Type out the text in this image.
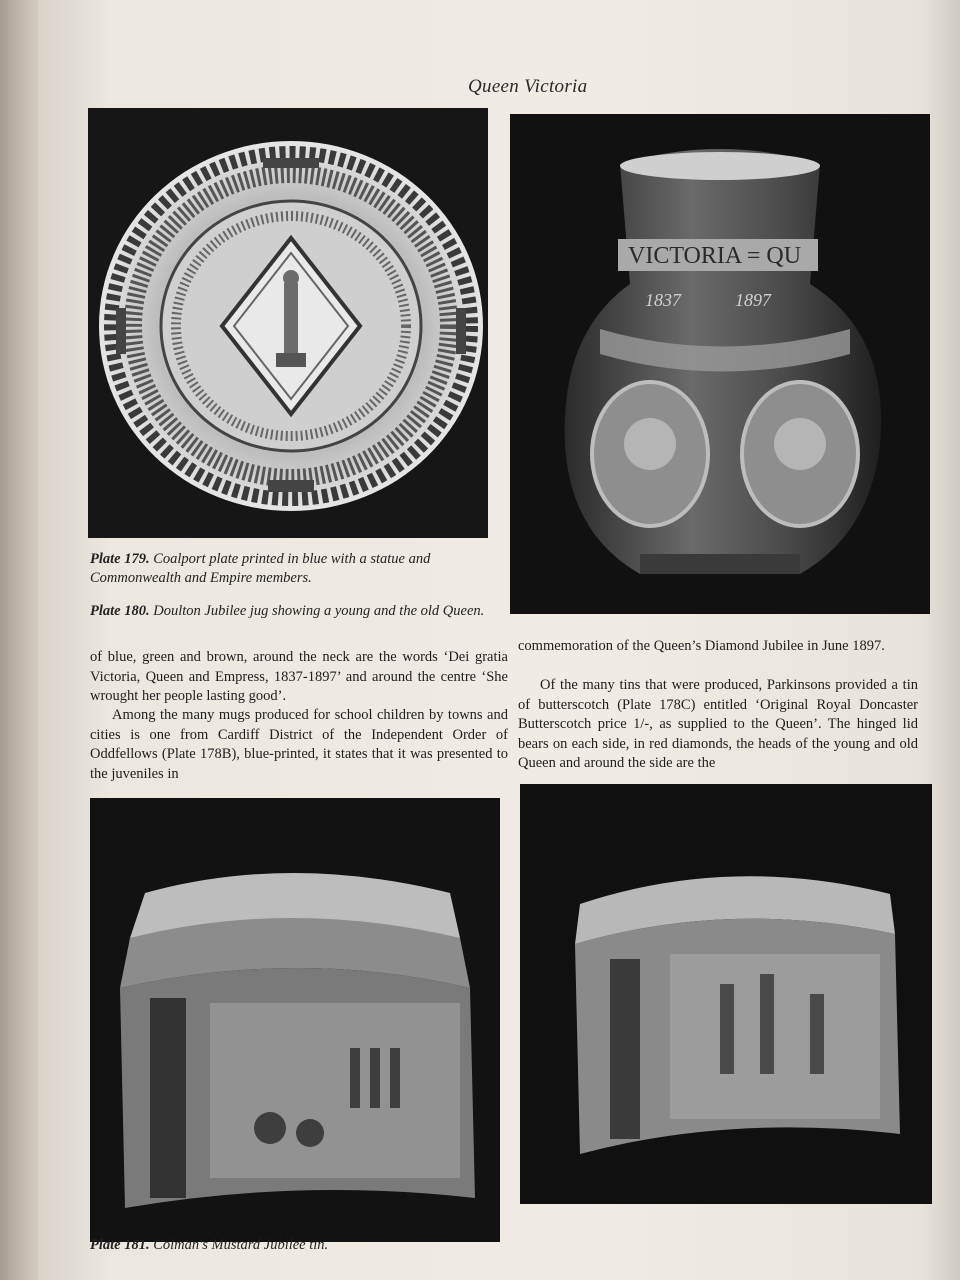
Queen Victoria
VICTORIA = QU
1837	1897
Plate 179. Coalport plate printed in blue with a statue and
Commonwealth and Empire members.
Plate 180. Doulton Jubilee jug showing a young and the old Queen.

of blue, green and brown, around the neck are the words ‘Dei gratia Victoria, Queen and Empress, 1837-1897’ and around the centre ‘She wrought her people lasting good’.

Among the many mugs produced for school children by towns and cities is one from Cardiff District of the Independent Order of Oddfellows (Plate 178B), blue-printed, it states that it was presented to the juveniles in

commemoration of the Queen’s Diamond Jubilee in June 1897.

Of the many tins that were produced, Parkinsons provided a tin of butterscotch (Plate 178C) entitled ‘Original Royal Doncaster Butterscotch price 1/-, as supplied to the Queen’. The hinged lid bears on each side, in red diamonds, the heads of the young and old Queen and around the side are the

Plate 181. Colman's Mustard Jubilee tin.
